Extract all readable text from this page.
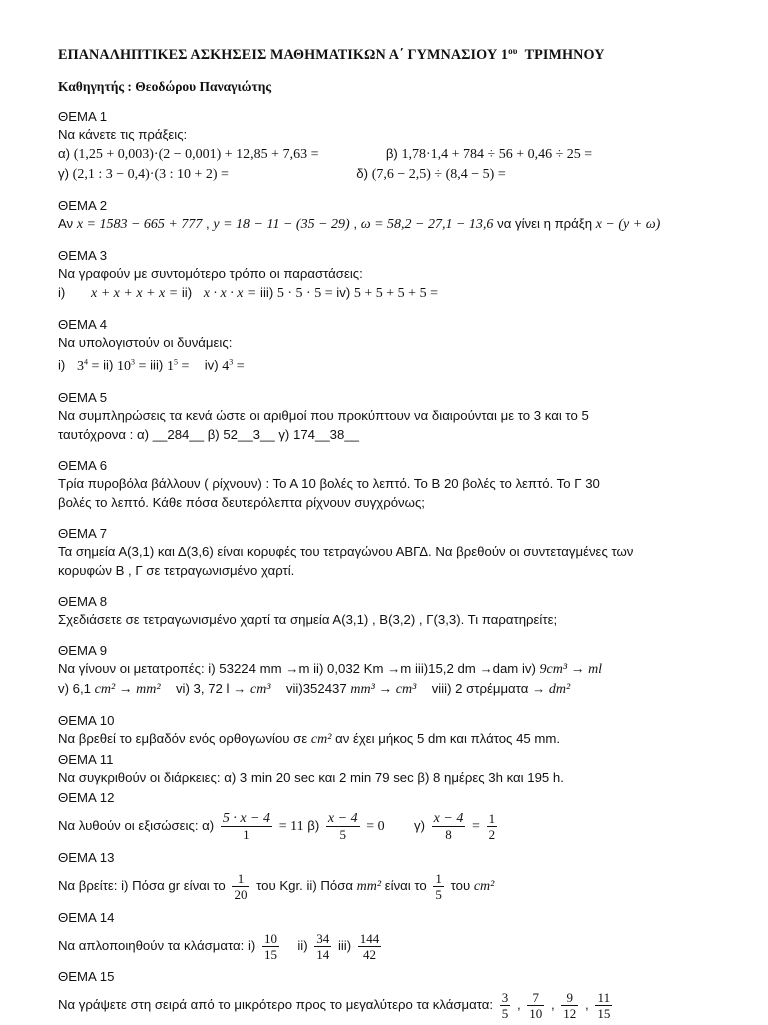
ΕΠΑΝΑΛΗΠΤΙΚΕΣ ΑΣΚΗΣΕΙΣ ΜΑΘΗΜΑΤΙΚΩΝ Α΄ ΓΥΜΝΑΣΙΟΥ $1^{o\upsilon}$ ΤΡΙΜΗΝΟΥ
Καθηγητής : Θεοδώρου Παναγιώτης
ΘΕΜΑ 1
Να κάνετε τις πράξεις:
α) (1,25 + 0,003)·(2 − 0,001) + 12,85 + 7,63 =	β) 1,78·1,4 + 784 ÷ 56 + 0,46 ÷ 25 =
γ) (2,1 : 3 − 0,4)·(3 : 10 + 2) =	δ) (7,6 − 2,5) ÷ (8,4 − 5) =
ΘΕΜΑ 2
Αν x = 1583 − 665 + 777 , y = 18 − 11 − (35 − 29) , ω = 58,2 − 27,1 − 13,6 να γίνει η πράξη x − (y + ω)
ΘΕΜΑ 3
Να γραφούν με συντομότερο τρόπο οι παραστάσεις:
i) x + x + x + x = ii) x · x · x = iii) 5 · 5 · 5 = iv) 5 + 5 + 5 + 5 =
ΘΕΜΑ 4
Να υπολογιστούν οι δυνάμεις:
i) $3^4 = ii$) $10^3 = iii$) $1^5 = iv$) $4^3$ =
ΘΕΜΑ 5
Να συμπληρώσεις τα κενά ώστε οι αριθμοί που προκύπτουν να διαιρούνται με το 3 και το 5
ταυτόχρονα : α) __284__ β) 52__3__ γ) 174__38__
ΘΕΜΑ 6
Τρία πυροβόλα βάλλουν ( ρίχνουν) : Το Α 10 βολές το λεπτό. Το Β 20 βολές το λεπτό. Το Γ 30
βολές το λεπτό. Κάθε πόσα δευτερόλεπτα ρίχνουν συγχρόνως;
ΘΕΜΑ 7
Τα σημεία Α(3,1) και Δ(3,6) είναι κορυφές του τετραγώνου ΑΒΓΔ. Να βρεθούν οι συντεταγμένες των
κορυφών Β , Γ σε τετραγωνισμένο χαρτί.
ΘΕΜΑ 8
Σχεδιάσετε σε τετραγωνισμένο χαρτί τα σημεία Α(3,1) , Β(3,2) , Γ(3,3). Τι παρατηρείτε;
ΘΕΜΑ 9
Να γίνουν οι μετατροπές: i) 53224 mm →m ii) 0,032 Km →m iii)15,2 dm →dam iv) 9cm³ → ml
v) 6,1 cm² → mm² vi) 3, 72 l → cm³ vii)352437 mm³ → cm³ viii) 2 στρέμματα → dm²
ΘΕΜΑ 10
Να βρεθεί το εμβαδόν ενός ορθογωνίου σε cm² αν έχει μήκος 5 dm και πλάτος 45 mm.
ΘΕΜΑ 11
Να συγκριθούν οι διάρκειες: α) 3 min 20 sec και 2 min 79 sec β) 8 ημέρες 3h και 195 h.
ΘΕΜΑ 12
Να λυθούν οι εξισώσεις: $\alpha) \frac{5 \cdot x - 4}{1} = 11$ $\beta) \frac{x - 4}{5} = 0$ $\gamma) \frac{x - 4}{8} = \frac{1}{2}$
ΘΕΜΑ 13
Να βρείτε: i) Πόσα gr είναι το $\frac{1}{20}$ του Kgr. ii) Πόσα mm² είναι το $\frac{1}{5}$ του cm²
ΘΕΜΑ 14
Να απλοποιηθούν τα κλάσματα: $i) \frac{10}{15} ii) \frac{34}{14} iii) \frac{144}{42}$
ΘΕΜΑ 15
Να γράψετε στη σειρά από το μικρότερο προς το μεγαλύτερο τα κλάσματα: $\frac{3}{5}$ , $\frac{7}{10}$ , $\frac{9}{12}$ , $\frac{11}{15}$
